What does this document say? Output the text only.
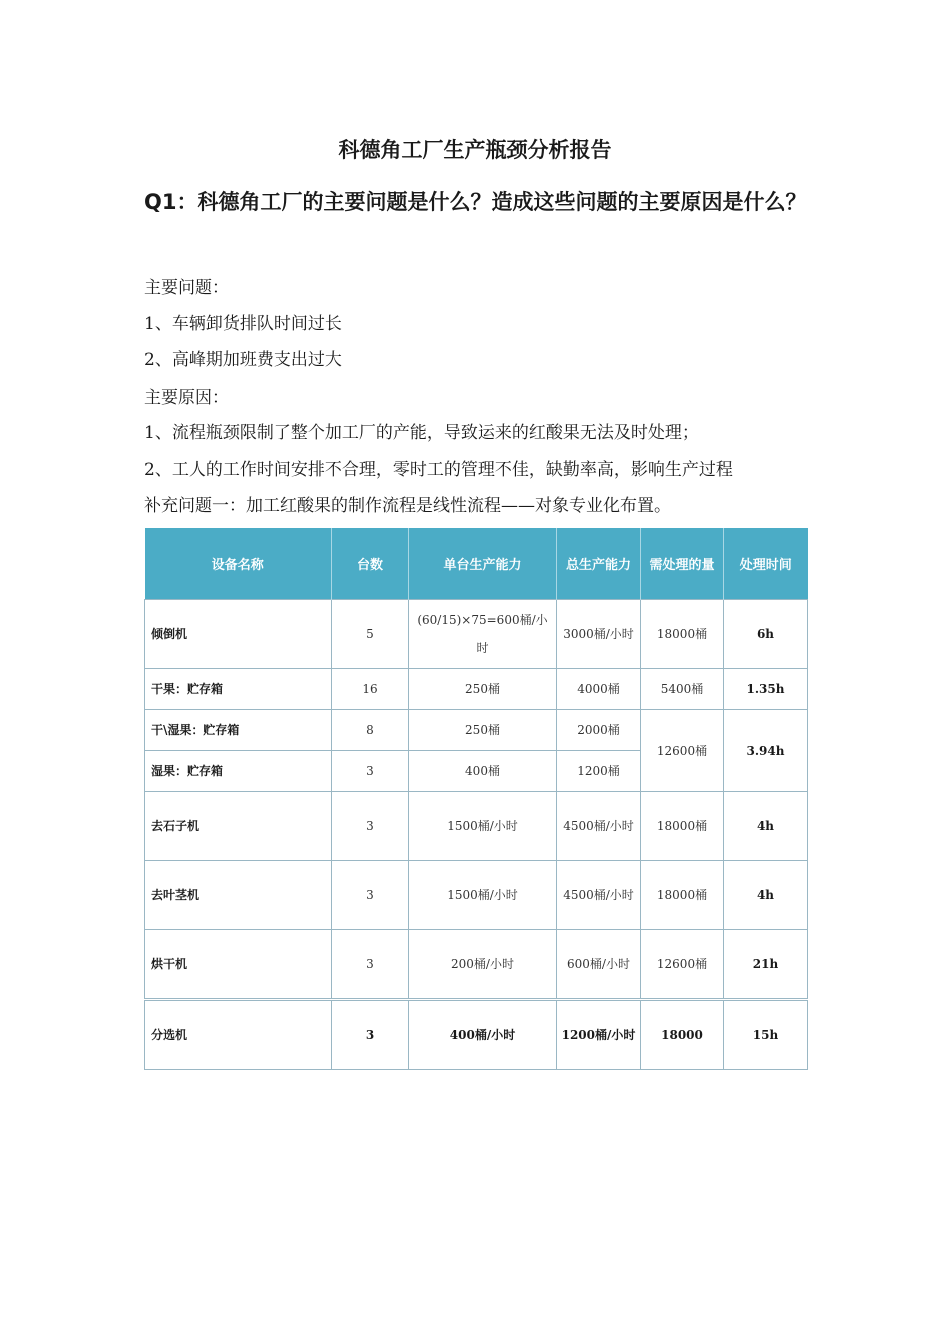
科德角工厂生产瓶颈分析报告
Q1：科德角工厂的主要问题是什么？造成这些问题的主要原因是什么？
主要问题：
1、车辆卸货排队时间过长
2、高峰期加班费支出过大
主要原因：
1、流程瓶颈限制了整个加工厂的产能，导致运来的红酸果无法及时处理；
2、工人的工作时间安排不合理，零时工的管理不佳，缺勤率高，影响生产过程
补充问题一：加工红酸果的制作流程是线性流程——对象专业化布置。
设备名称	台数	单台生产能力	总生产能力	需处理的量	处理时间
倾倒机	5	(60/15)×75=600桶/小时	3000桶/小时	18000桶	6h
干果：贮存箱	16	250桶	4000桶	5400桶	1.35h
干\湿果：贮存箱	8	250桶	2000桶	12600桶	3.94h
湿果：贮存箱	3	400桶	1200桶		
去石子机	3	1500桶/小时	4500桶/小时	18000桶	4h
去叶茎机	3	1500桶/小时	4500桶/小时	18000桶	4h
烘干机	3	200桶/小时	600桶/小时	12600桶	21h
分选机	3	400桶/小时	1200桶/小时	18000	15h
